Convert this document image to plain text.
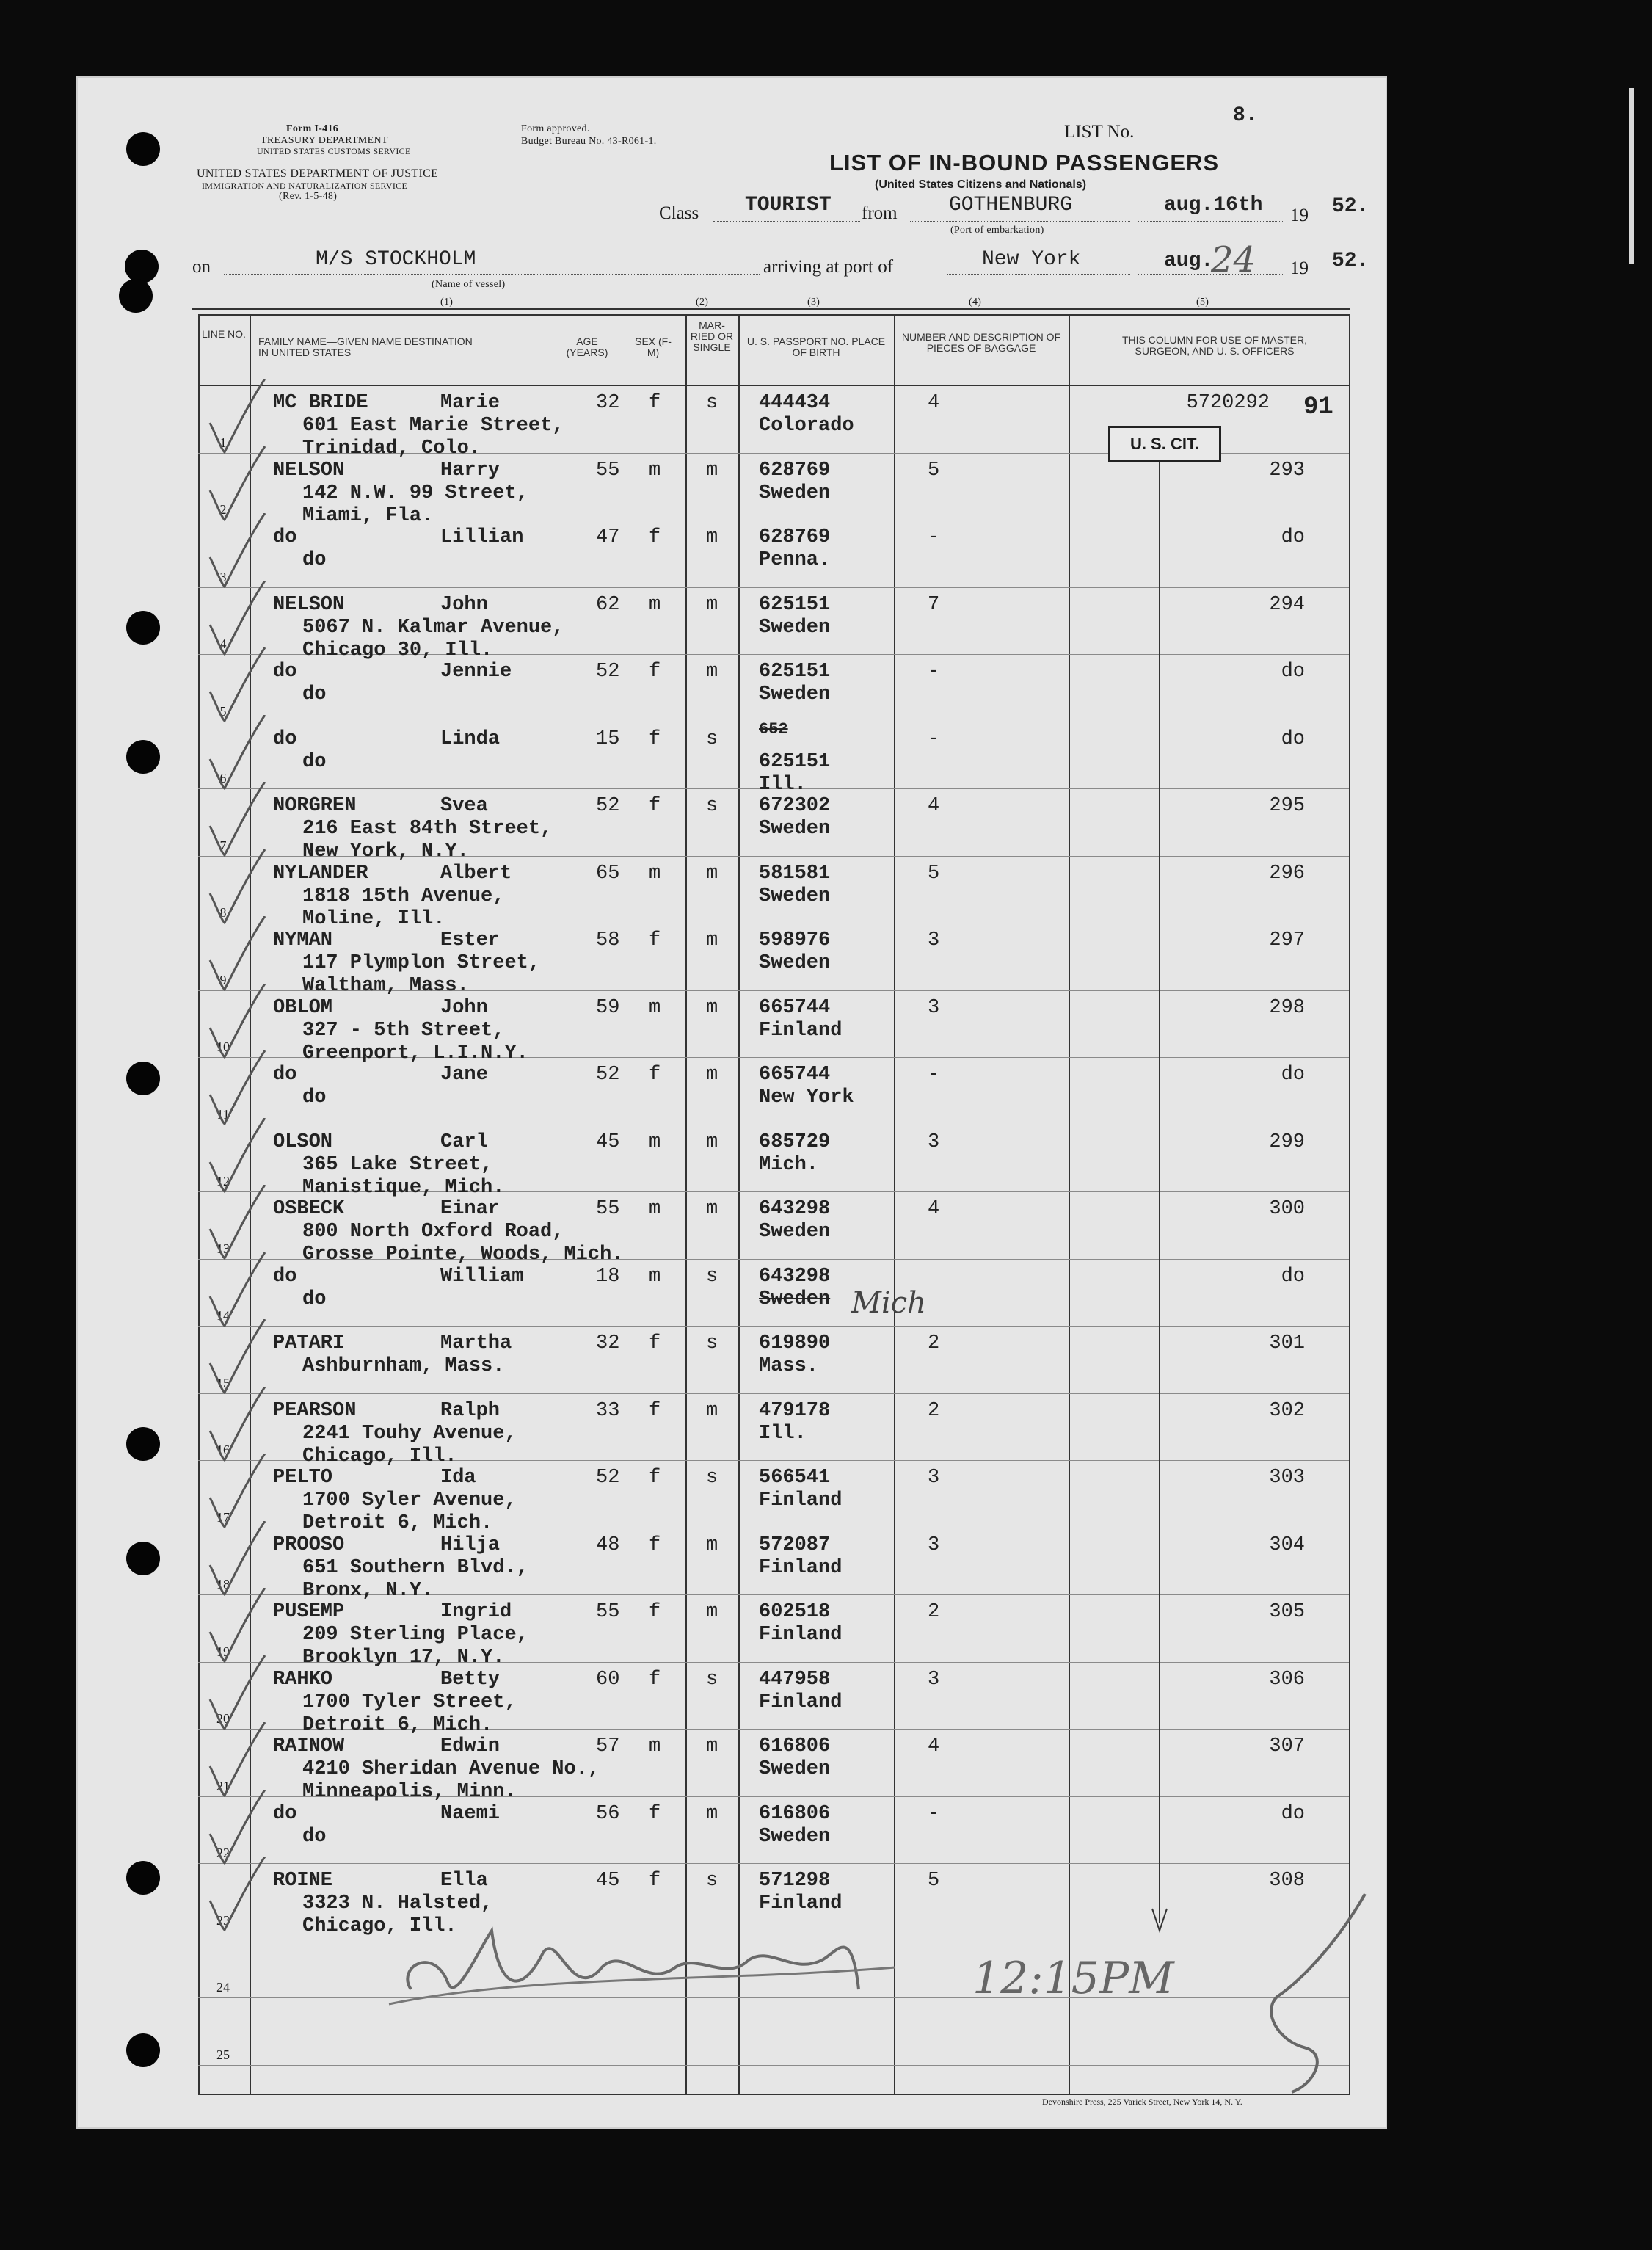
Form I-416
TREASURY DEPARTMENT
UNITED STATES CUSTOMS SERVICE
Form approved.
Budget Bureau No. 43-R061-1.
UNITED STATES DEPARTMENT OF JUSTICE
IMMIGRATION AND NATURALIZATION SERVICE
(Rev. 1-5-48)
LIST No.
8.
LIST OF IN-BOUND PASSENGERS
(United States Citizens and Nationals)
Class TOURIST from	GOTHENBURG
(Port of embarkation)
aug.16th 19 52.
on	M/S STOCKHOLM
(Name of vessel)
arriving at port of	New York	aug.
24 19 52.
(1)	(2)	(3)	(4)	(5)
LINE NO.
FAMILY NAME—GIVEN NAME DESTINATION IN UNITED STATES
AGE (YEARS)
SEX (F-M)
MAR-RIED OR SINGLE	U. S. PASSPORT NO. PLACE OF BIRTH
NUMBER AND DESCRIPTION OF PIECES OF BAGGAGE
THIS COLUMN FOR USE OF MASTER, SURGEON, AND U. S. OFFICERS
1
MC BRIDE	Marie
601 East Marie Street,
Trinidad, Colo.
32 f s 444434
Colorado
4	5720292
2
NELSON	Harry
142 N.W. 99 Street,
Miami, Fla.
55 m m 628769
Sweden
5	293
3
do	Lillian
do
47 f m 628769
Penna.
-	do
4
NELSON	John
5067 N. Kalmar Avenue,
Chicago 30, Ill.
62 m m 625151
Sweden
7	294
5
do	Jennie
do
52 f m 625151
Sweden
-	do
6
do	Linda
do
15 f s
625151
Ill.
-	do
652
7
NORGREN	Svea
216 East 84th Street,
New York, N.Y.
52 f s 672302
Sweden
4	295
8
NYLANDER	Albert
1818 15th Avenue,
Moline, Ill.
65 m m 581581
Sweden
5	296
9
NYMAN	Ester
117 Plymplon Street,
Waltham, Mass.
58 f m 598976
Sweden
3	297
10
OBLOM	John
327 - 5th Street,
Greenport, L.I.N.Y.
59 m m 665744
Finland
3	298
11
do	Jane
do
52 f m 665744
New York
-	do
12
OLSON	Carl
365 Lake Street,
Manistique, Mich.
45 m m 685729
Mich.
3	299
13
OSBECK	Einar
800 North Oxford Road,
Grosse Pointe, Woods, Mich.
55 m m 643298
Sweden
4	300
14
do	William
do
18 m s 643298
Sweden
do
15
PATARI	Martha
Ashburnham, Mass.
32 f s 619890
Mass.
2	301
16
PEARSON	Ralph
2241 Touhy Avenue,
Chicago, Ill.
33 f m 479178
Ill.
2	302
17
PELTO	Ida
1700 Syler Avenue,
Detroit 6, Mich.
52 f s 566541
Finland
3	303
18
PROOSO	Hilja
651 Southern Blvd.,
Bronx, N.Y.
48 f m 572087
Finland
3	304
19
PUSEMP	Ingrid
209 Sterling Place,
Brooklyn 17, N.Y.
55 f m 602518
Finland
2	305
20
RAHKO	Betty
1700 Tyler Street,
Detroit 6, Mich.
60 f s 447958
Finland
3	306
21
RAINOW	Edwin
4210 Sheridan Avenue No.,
Minneapolis, Minn.
57 m m 616806
Sweden
4	307
22
do	Naemi
do
56 f m 616806
Sweden
-	do
23
ROINE	Ella
3323 N. Halsted,
Chicago, Ill.
45 f s 571298
Finland
5	308
24
25
U. S. CIT.
91
Mich
12:15PM
Devonshire Press, 225 Varick Street, New York 14, N. Y.
